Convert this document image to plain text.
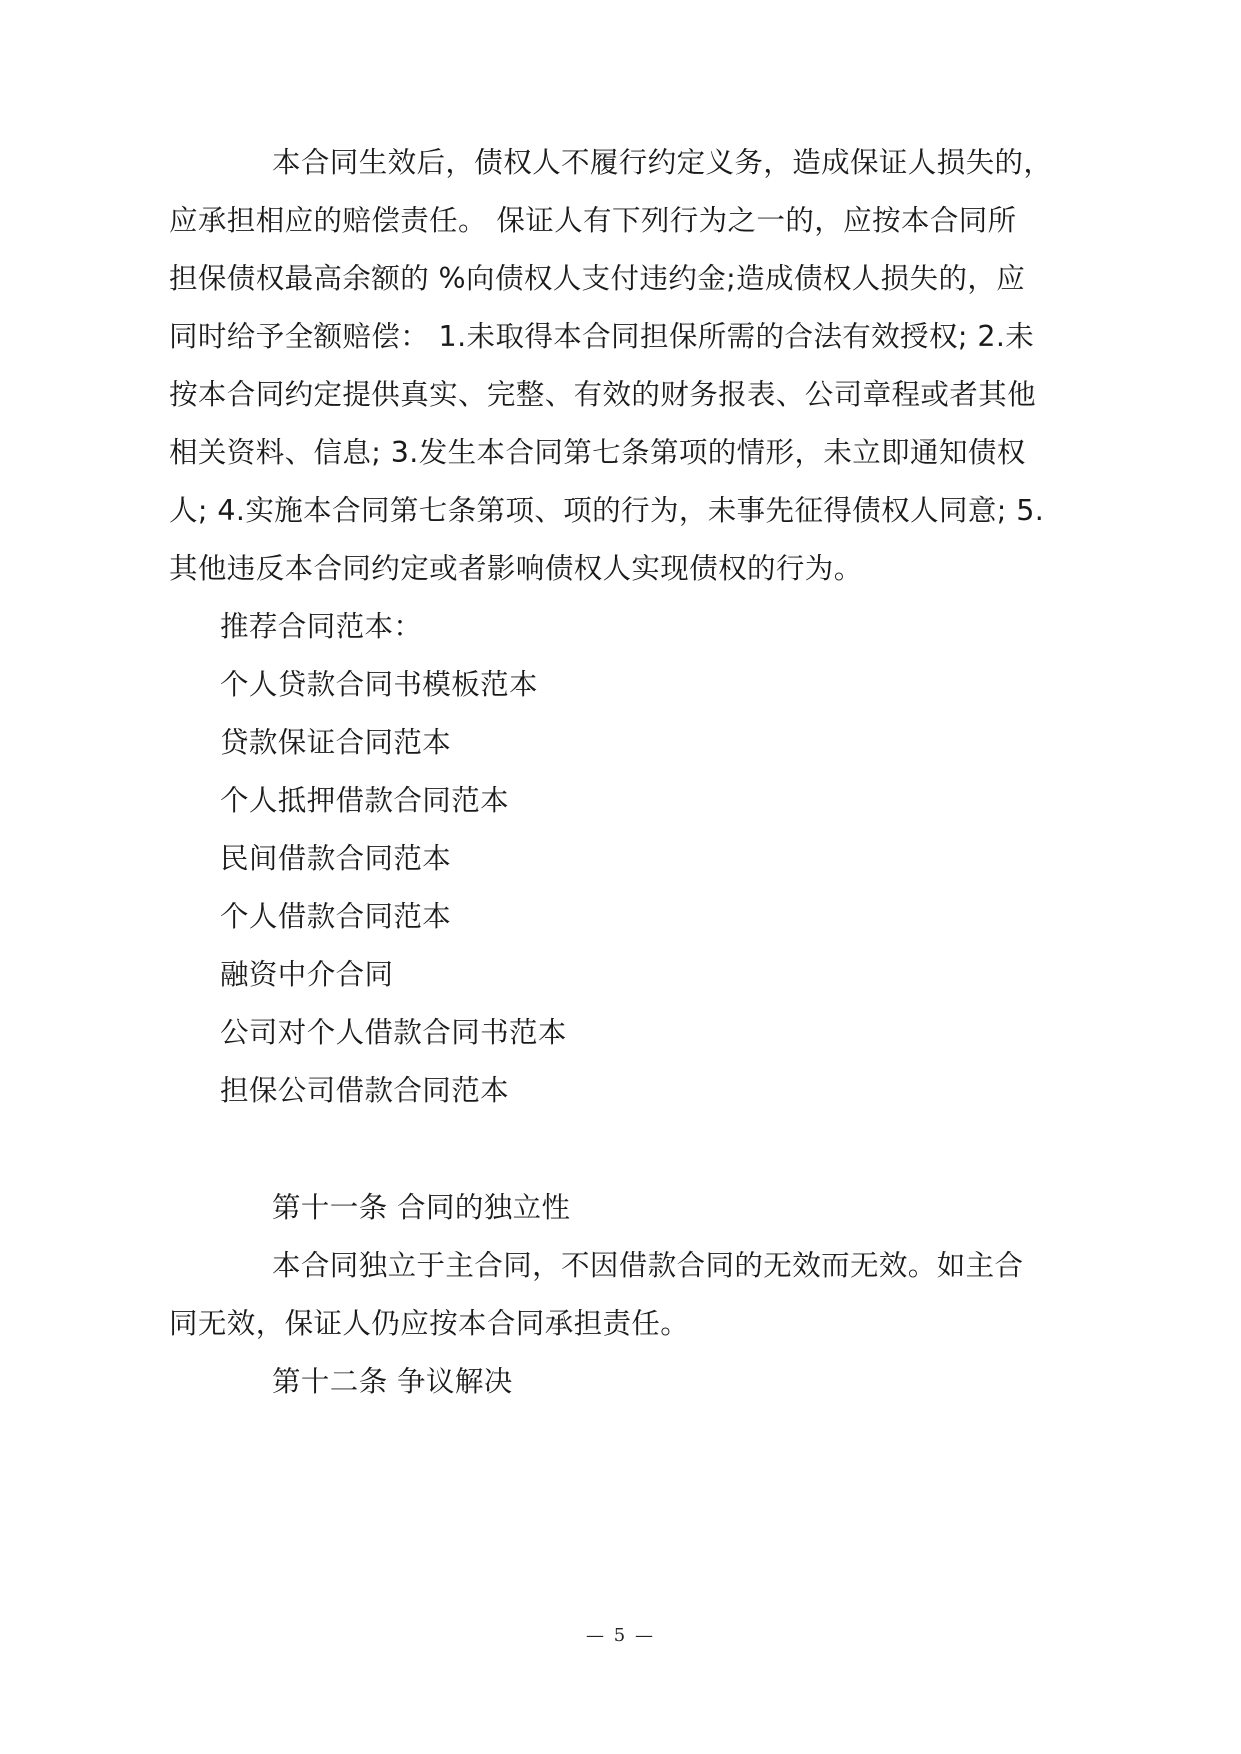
本合同生效后，债权人不履行约定义务，造成保证人损失的，
应承担相应的赔偿责任。 保证人有下列行为之一的，应按本合同所
担保债权最高余额的 %向债权人支付违约金;造成债权人损失的，应
同时给予全额赔偿： 1.未取得本合同担保所需的合法有效授权; 2.未
按本合同约定提供真实、完整、有效的财务报表、公司章程或者其他
相关资料、信息; 3.发生本合同第七条第项的情形，未立即通知债权
人; 4.实施本合同第七条第项、项的行为，未事先征得债权人同意; 5.
其他违反本合同约定或者影响债权人实现债权的行为。
推荐合同范本：
个人贷款合同书模板范本
贷款保证合同范本
个人抵押借款合同范本
民间借款合同范本
个人借款合同范本
融资中介合同
公司对个人借款合同书范本
担保公司借款合同范本
第十一条 合同的独立性
本合同独立于主合同，不因借款合同的无效而无效。如主合
同无效，保证人仍应按本合同承担责任。
第十二条 争议解决
— 5 —
